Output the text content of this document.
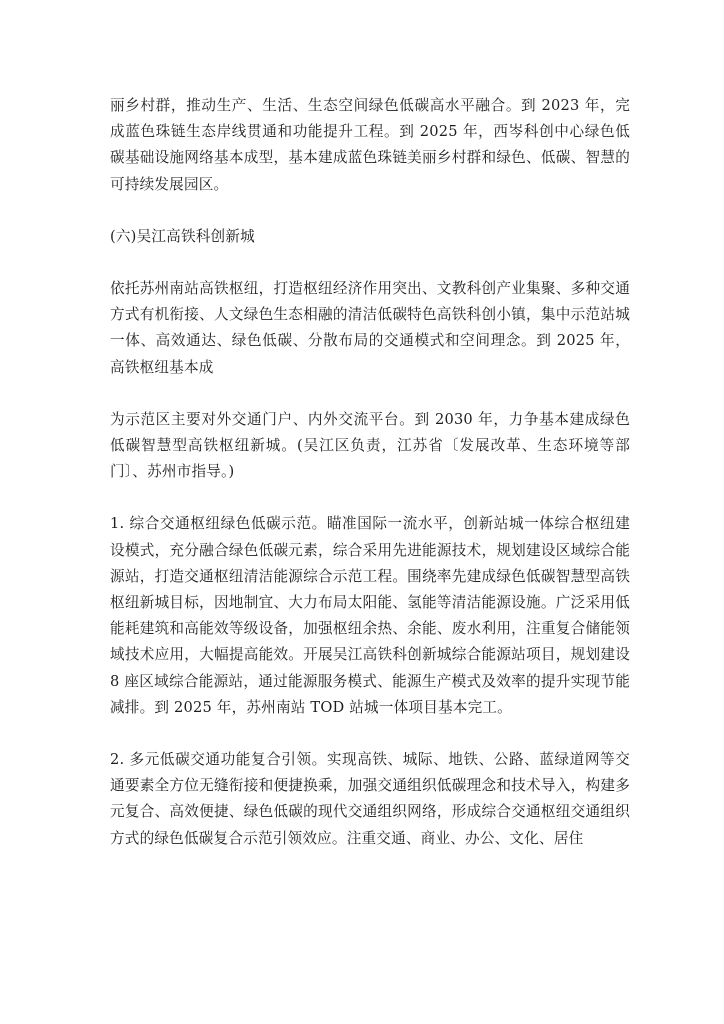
丽乡村群，推动生产、生活、生态空间绿色低碳高水平融合。到 2023 年，完成蓝色珠链生态岸线贯通和功能提升工程。到 2025 年，西岑科创中心绿色低碳基础设施网络基本成型，基本建成蓝色珠链美丽乡村群和绿色、低碳、智慧的可持续发展园区。

(六)吴江高铁科创新城

依托苏州南站高铁枢纽，打造枢纽经济作用突出、文教科创产业集聚、多种交通方式有机衔接、人文绿色生态相融的清洁低碳特色高铁科创小镇，集中示范站城一体、高效通达、绿色低碳、分散布局的交通模式和空间理念。到 2025 年，高铁枢纽基本成

为示范区主要对外交通门户、内外交流平台。到 2030 年，力争基本建成绿色低碳智慧型高铁枢纽新城。(吴江区负责，江苏省〔发展改革、生态环境等部门〕、苏州市指导。)

1. 综合交通枢纽绿色低碳示范。瞄准国际一流水平，创新站城一体综合枢纽建设模式，充分融合绿色低碳元素，综合采用先进能源技术，规划建设区域综合能源站，打造交通枢纽清洁能源综合示范工程。围绕率先建成绿色低碳智慧型高铁枢纽新城目标，因地制宜、大力布局太阳能、氢能等清洁能源设施。广泛采用低能耗建筑和高能效等级设备，加强枢纽余热、余能、废水利用，注重复合储能领域技术应用，大幅提高能效。开展吴江高铁科创新城综合能源站项目，规划建设 8 座区域综合能源站，通过能源服务模式、能源生产模式及效率的提升实现节能减排。到 2025 年，苏州南站 TOD 站城一体项目基本完工。

2. 多元低碳交通功能复合引领。实现高铁、城际、地铁、公路、蓝绿道网等交通要素全方位无缝衔接和便捷换乘，加强交通组织低碳理念和技术导入，构建多元复合、高效便捷、绿色低碳的现代交通组织网络，形成综合交通枢纽交通组织方式的绿色低碳复合示范引领效应。注重交通、商业、办公、文化、居住
